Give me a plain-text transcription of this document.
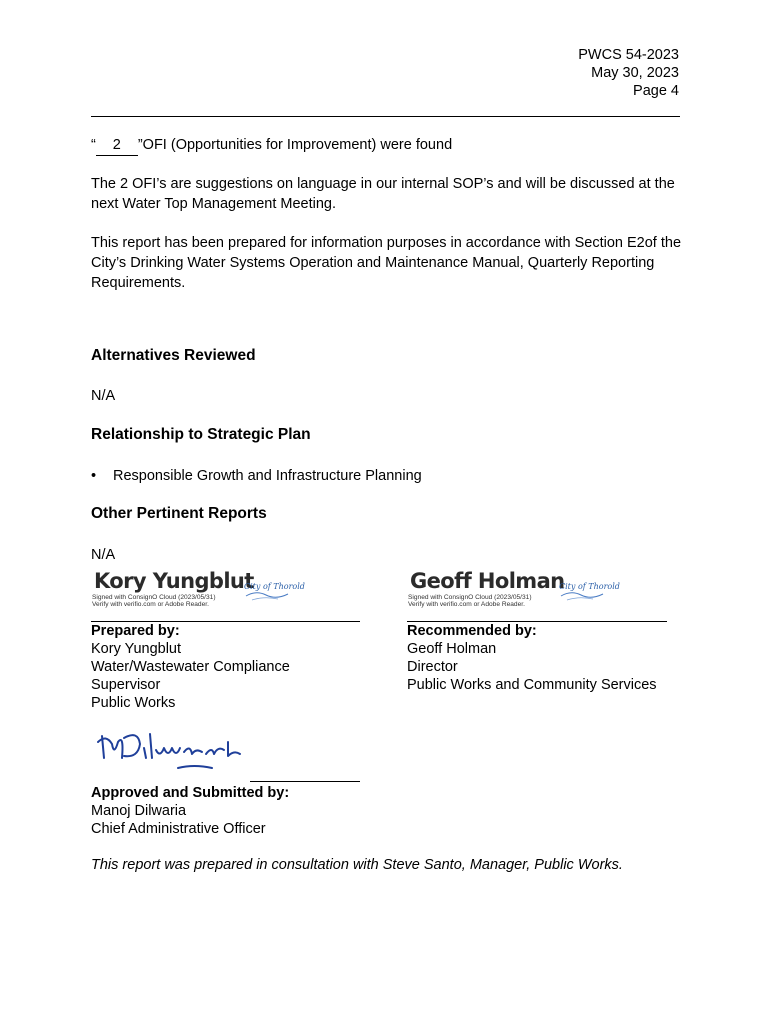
PWCS 54-2023
May 30, 2023
Page 4
“ 2 ”OFI (Opportunities for Improvement) were found
The 2 OFI’s are suggestions on language in our internal SOP’s and will be discussed at the next Water Top Management Meeting.
This report has been prepared for information purposes in accordance with Section E2of the City’s Drinking Water Systems Operation and Maintenance Manual, Quarterly Reporting Requirements.
Alternatives Reviewed
N/A
Relationship to Strategic Plan
• Responsible Growth and Infrastructure Planning
Other Pertinent Reports
N/A
Kory Yungblut
City of Thorold
Signed with ConsignO Cloud (2023/05/31)
Verify with verifio.com or Adobe Reader.
Prepared by:
Kory Yungblut
Water/Wastewater Compliance
Supervisor
Public Works
Geoff Holman
City of Thorold
Signed with ConsignO Cloud (2023/05/31)
Verify with verifio.com or Adobe Reader.
Recommended by:
Geoff Holman
Director
Public Works and Community Services
Approved and Submitted by:
Manoj Dilwaria
Chief Administrative Officer
This report was prepared in consultation with Steve Santo, Manager, Public Works.
